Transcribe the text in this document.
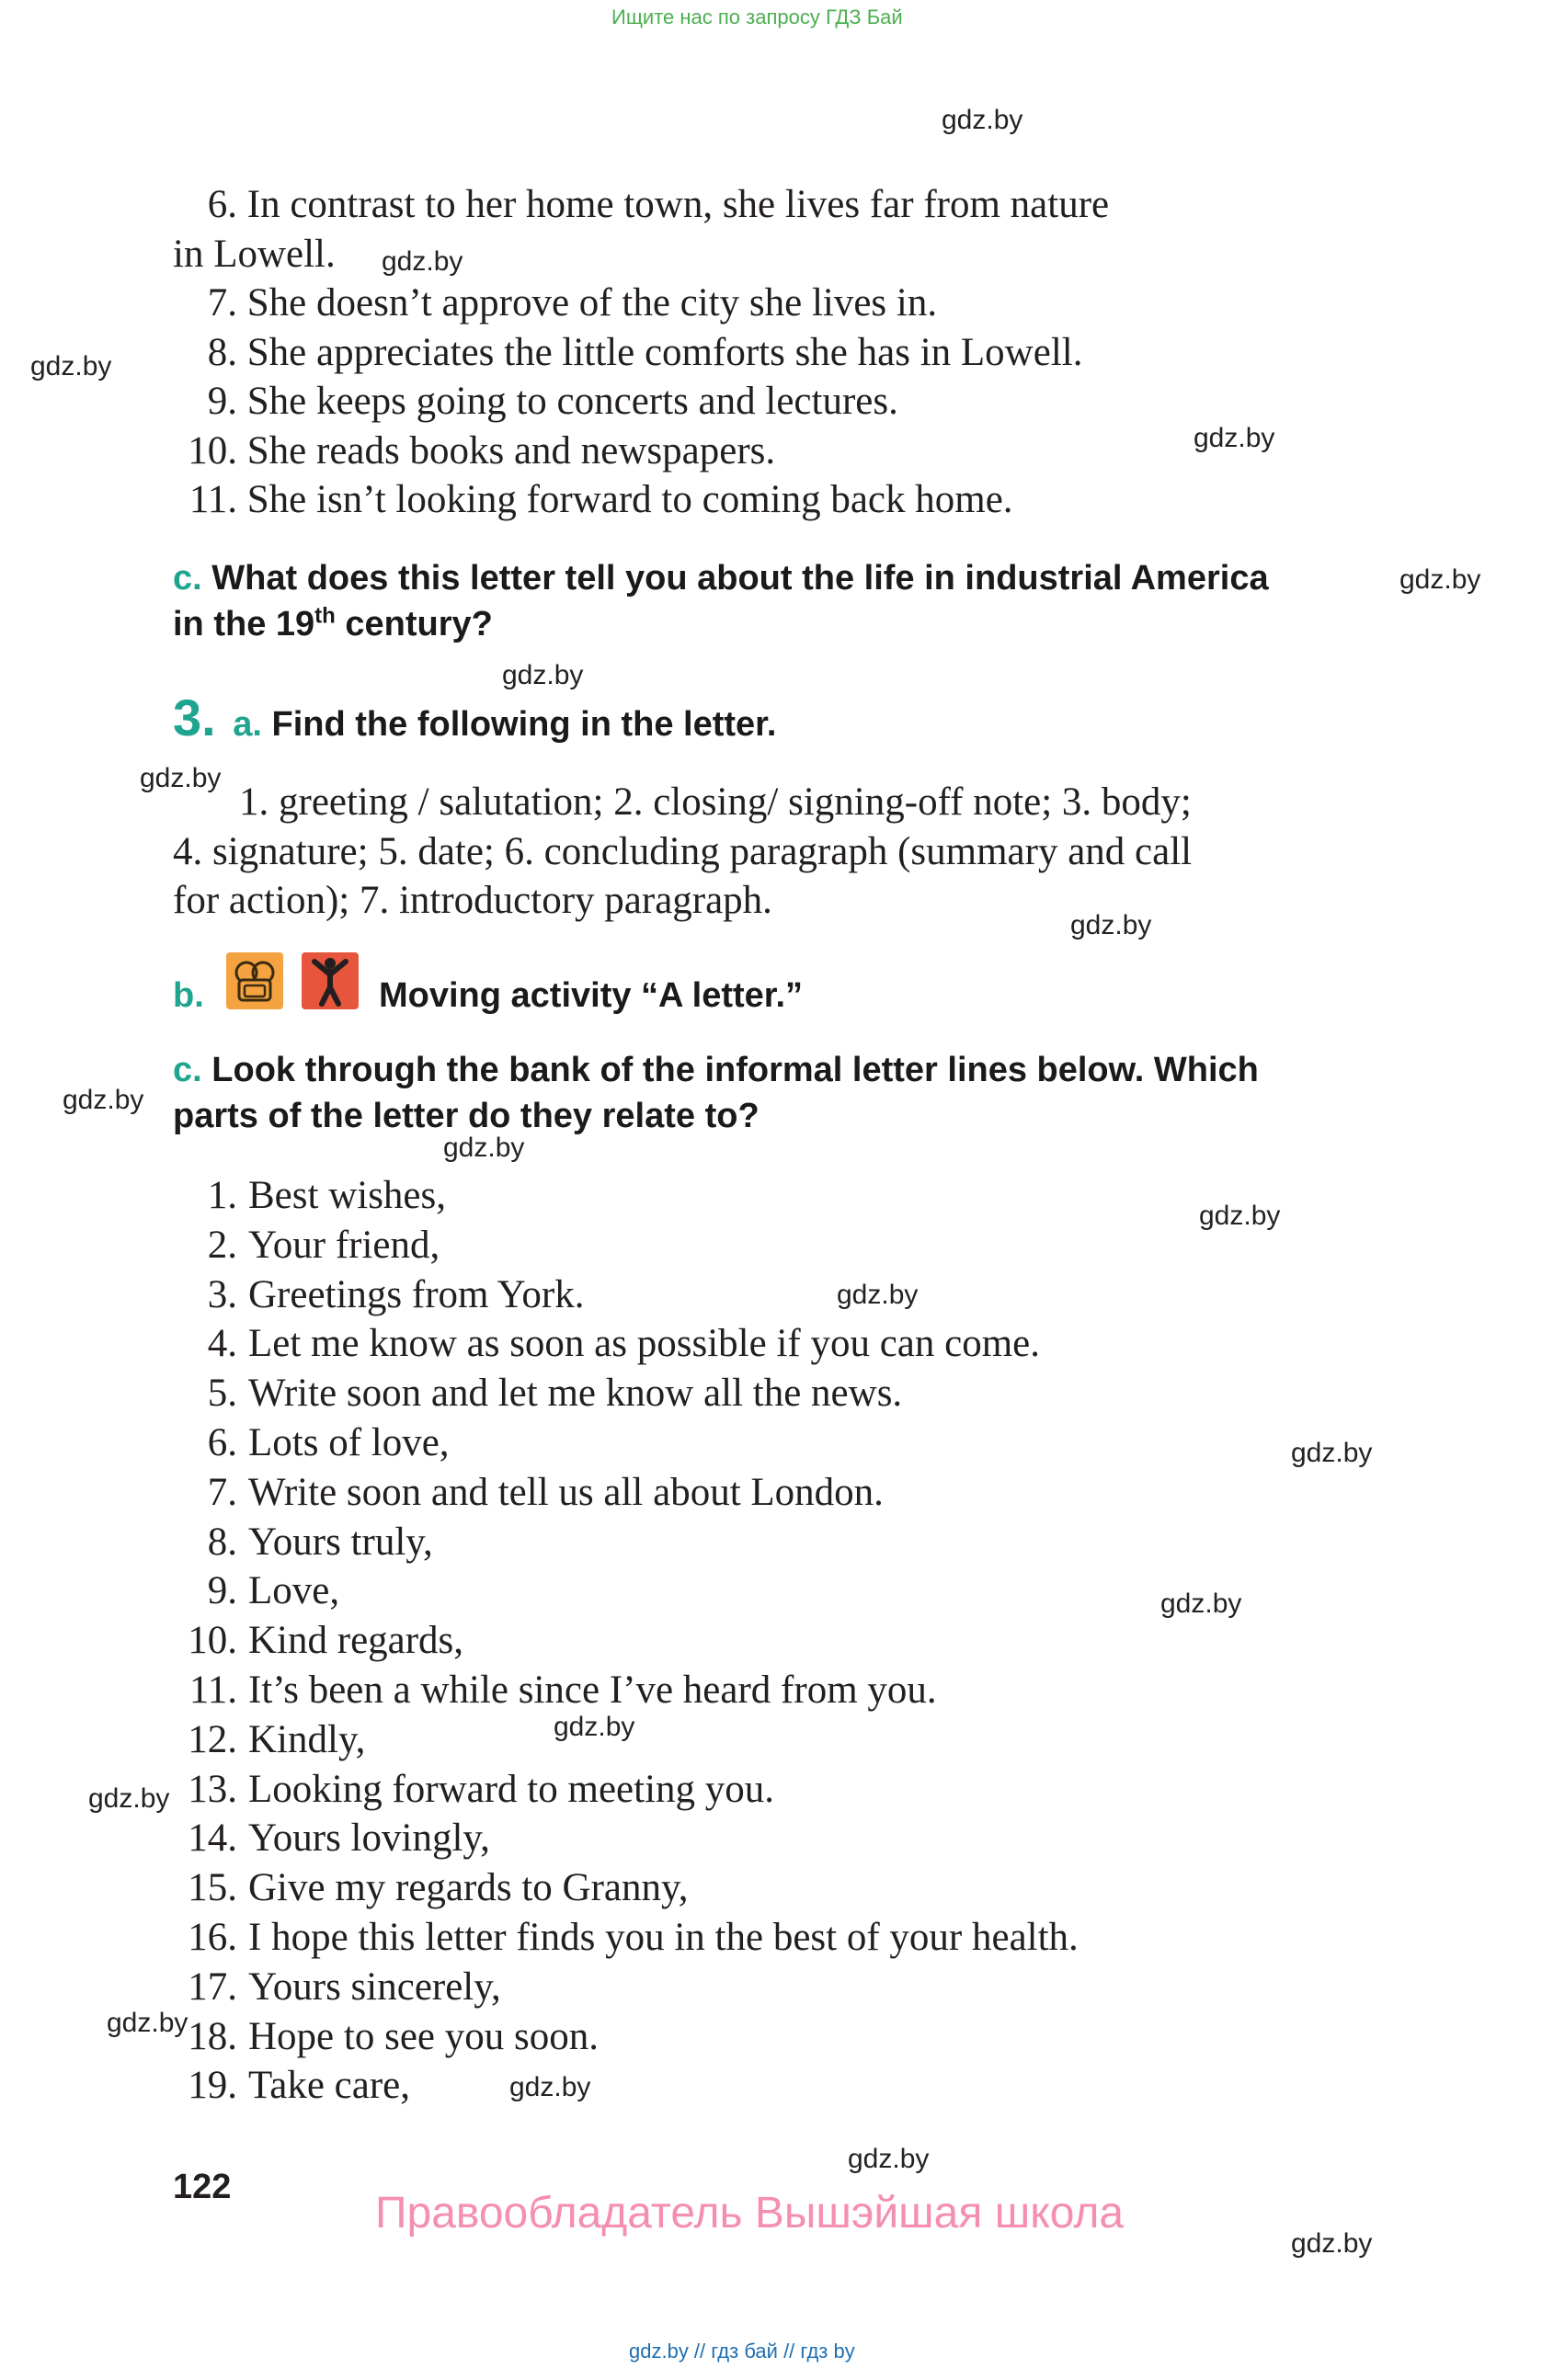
Ищите нас по запросу ГДЗ Бай
6. In contrast to her home town, she lives far from nature
in Lowell.
7. She doesn’t approve of the city she lives in.
8. She appreciates the little comforts she has in Lowell.
9. She keeps going to concerts and lectures.
10. She reads books and newspapers.
11. She isn’t looking forward to coming back home.
c. What does this letter tell you about the life in industrial America
in the 19th century?
3. a. Find the following in the letter.
1. greeting / salutation; 2. closing/ signing-off note; 3. body;
4. signature; 5. date; 6. concluding paragraph (summary and call
for action); 7. introductory paragraph.
b.	Moving activity “A letter.”
c. Look through the bank of the informal letter lines below. Which
parts of the letter do they relate to?
1. Best wishes,
2. Your friend,
3. Greetings from York.
4. Let me know as soon as possible if you can come.
5. Write soon and let me know all the news.
6. Lots of love,
7. Write soon and tell us all about London.
8. Yours truly,
9. Love,
10. Kind regards,
11. It’s been a while since I’ve heard from you.
12. Kindly,
13. Looking forward to meeting you.
14. Yours lovingly,
15. Give my regards to Granny,
16. I hope this letter finds you in the best of your health.
17. Yours sincerely,
18. Hope to see you soon.
19. Take care,
122
Правообладатель Вышэйшая школа
gdz.by // гдз бай // гдз by
gdz.by
gdz.by
gdz.by
gdz.by
gdz.by
gdz.by
gdz.by
gdz.by
gdz.by
gdz.by
gdz.by
gdz.by
gdz.by
gdz.by
gdz.by
gdz.by
gdz.by
gdz.by
gdz.by
gdz.by
